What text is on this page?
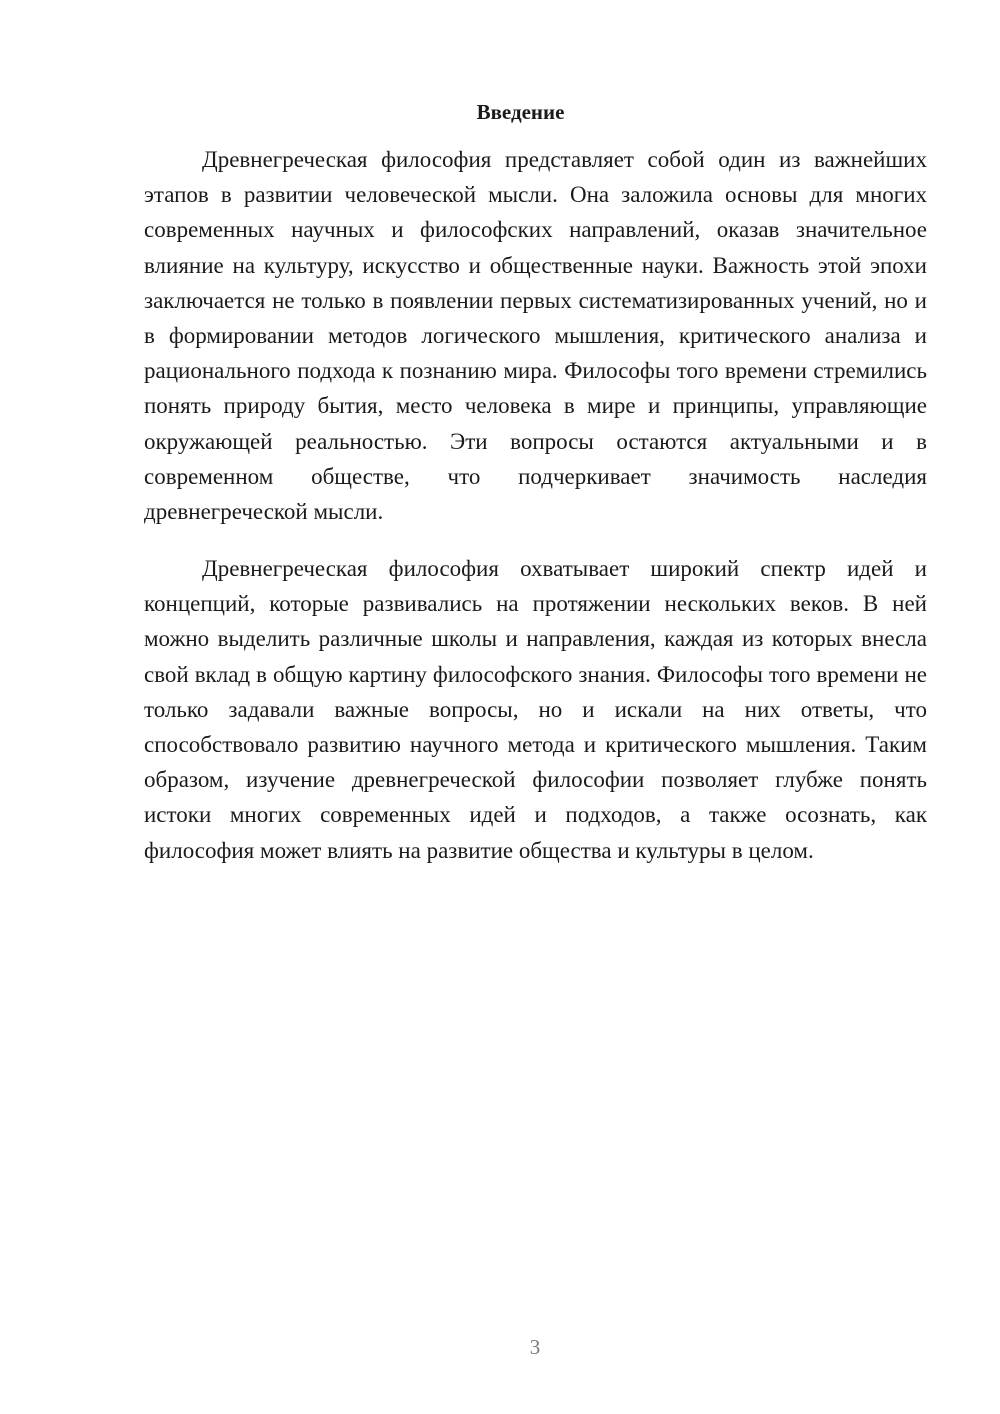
Введение

Древнегреческая философия представляет собой один из важнейших этапов в развитии человеческой мысли. Она заложила основы для многих современных научных и философских направлений, оказав значительное влияние на культуру, искусство и общественные науки. Важность этой эпохи заключается не только в появлении первых систематизированных учений, но и в формировании методов логического мышления, критического анализа и рационального подхода к познанию мира. Философы того времени стремились понять природу бытия, место человека в мире и принципы, управляющие окружающей реальностью. Эти вопросы остаются актуальными и в современном обществе, что подчеркивает значимость наследия древнегреческой мысли.

Древнегреческая философия охватывает широкий спектр идей и концепций, которые развивались на протяжении нескольких веков. В ней можно выделить различные школы и направления, каждая из которых внесла свой вклад в общую картину философского знания. Философы того времени не только задавали важные вопросы, но и искали на них ответы, что способствовало развитию научного метода и критического мышления. Таким образом, изучение древнегреческой философии позволяет глубже понять истоки многих современных идей и подходов, а также осознать, как философия может влиять на развитие общества и культуры в целом.

3
